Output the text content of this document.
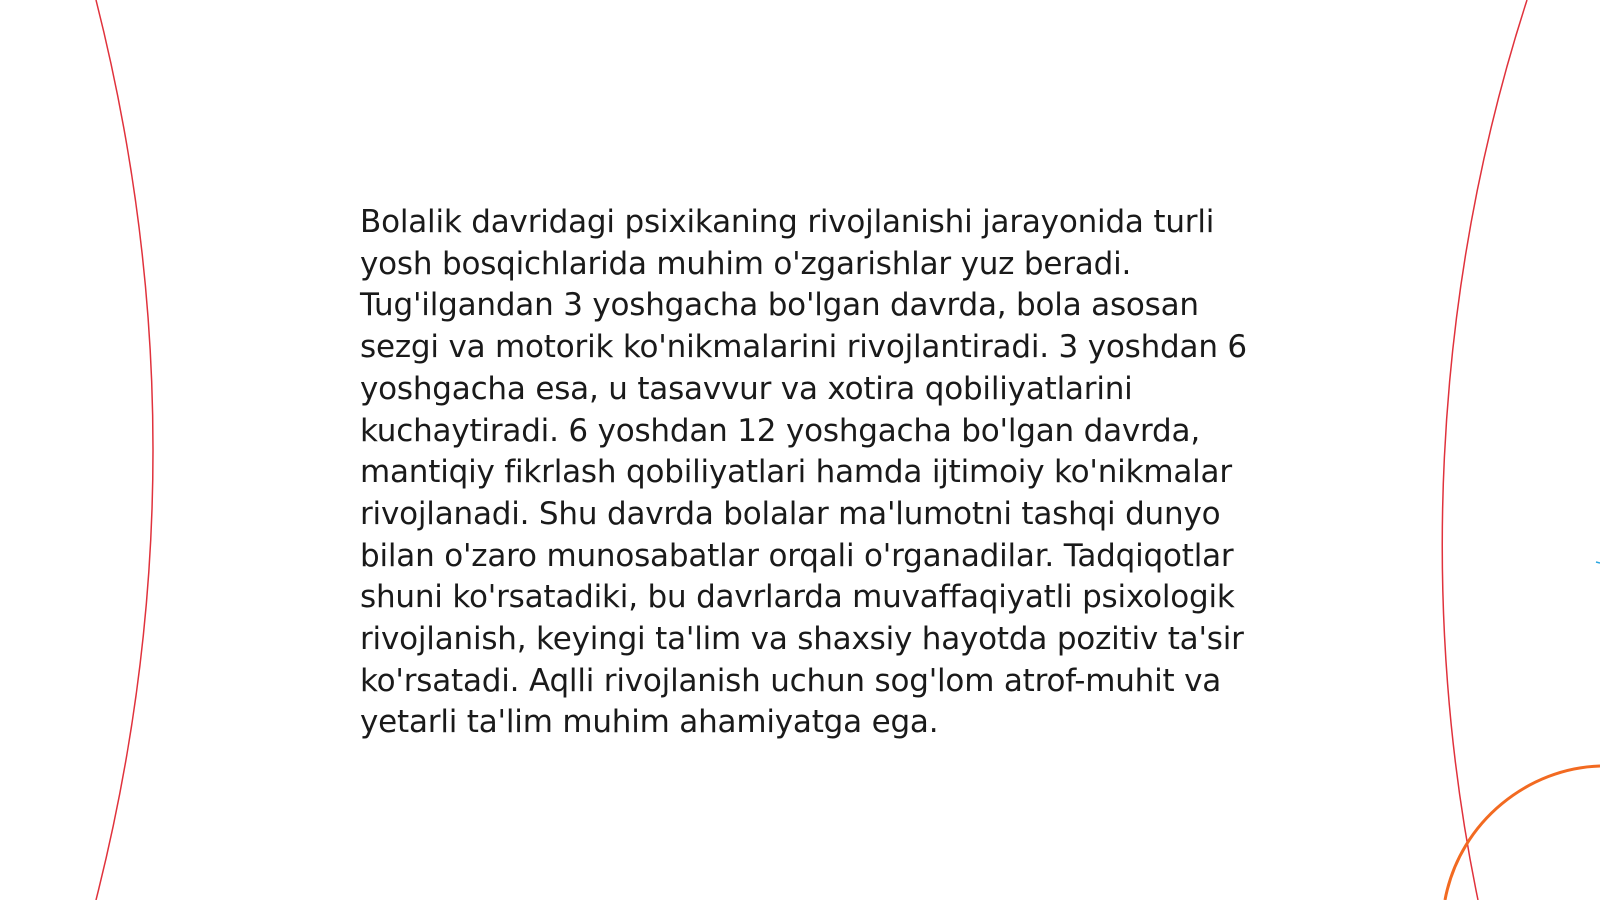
Bolalik davridagi psixikaning rivojlanishi jarayonida turli yosh bosqichlarida muhim o'zgarishlar yuz beradi. Tug'ilgandan 3 yoshgacha bo'lgan davrda, bola asosan sezgi va motorik ko'nikmalarini rivojlantiradi. 3 yoshdan 6 yoshgacha esa, u tasavvur va xotira qobiliyatlarini kuchaytiradi. 6 yoshdan 12 yoshgacha bo'lgan davrda, mantiqiy fikrlash qobiliyatlari hamda ijtimoiy ko'nikmalar rivojlanadi. Shu davrda bolalar ma'lumotni tashqi dunyo bilan o'zaro munosabatlar orqali o'rganadilar. Tadqiqotlar shuni ko'rsatadiki, bu davrlarda muvaffaqiyatli psixologik rivojlanish, keyingi ta'lim va shaxsiy hayotda pozitiv ta'sir ko'rsatadi. Aqlli rivojlanish uchun sog'lom atrof-muhit va yetarli ta'lim muhim ahamiyatga ega.
